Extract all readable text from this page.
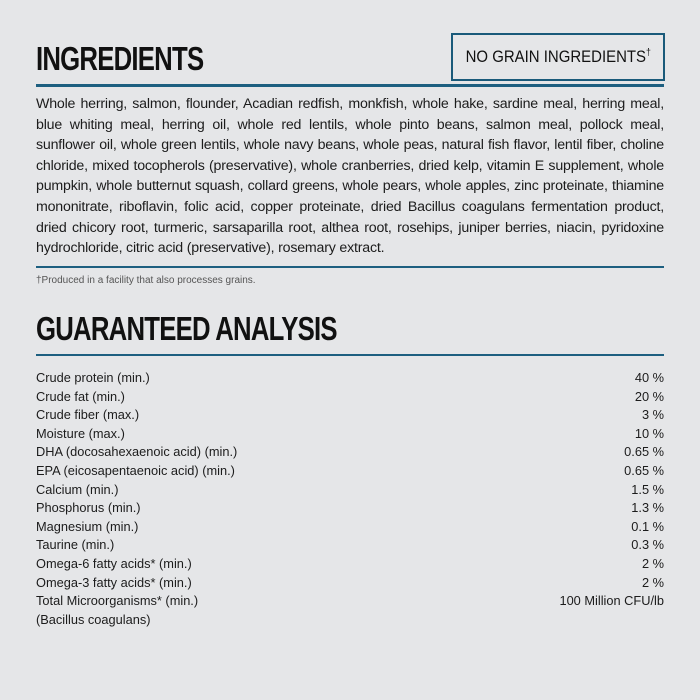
INGREDIENTS	NO GRAIN INGREDIENTS†
Whole herring, salmon, flounder, Acadian redfish, monkfish, whole hake, sardine meal, herring meal, blue whiting meal, herring oil, whole red lentils, whole pinto beans, salmon meal, pollock meal, sunflower oil, whole green lentils, whole navy beans, whole peas, natural fish flavor, lentil fiber, choline chloride, mixed tocopherols (preservative), whole cranberries, dried kelp, vitamin E supplement, whole pumpkin, whole butternut squash, collard greens, whole pears, whole apples, zinc proteinate, thiamine mononitrate, riboflavin, folic acid, copper proteinate, dried Bacillus coagulans fermentation product, dried chicory root, turmeric, sarsaparilla root, althea root, rosehips, juniper berries, niacin, pyridoxine hydrochloride, citric acid (preservative), rosemary extract.
†Produced in a facility that also processes grains.
GUARANTEED ANALYSIS
Crude protein (min.)	40 %
Crude fat (min.)	20 %
Crude fiber (max.)	3 %
Moisture (max.)	10 %
DHA (docosahexaenoic acid) (min.)	0.65 %
EPA (eicosapentaenoic acid) (min.)	0.65 %
Calcium (min.)	1.5 %
Phosphorus (min.)	1.3 %
Magnesium (min.)	0.1 %
Taurine (min.)	0.3 %
Omega-6 fatty acids* (min.)	2 %
Omega-3 fatty acids* (min.)	2 %
Total Microorganisms* (min.)	100 Million CFU/lb
(Bacillus coagulans)
